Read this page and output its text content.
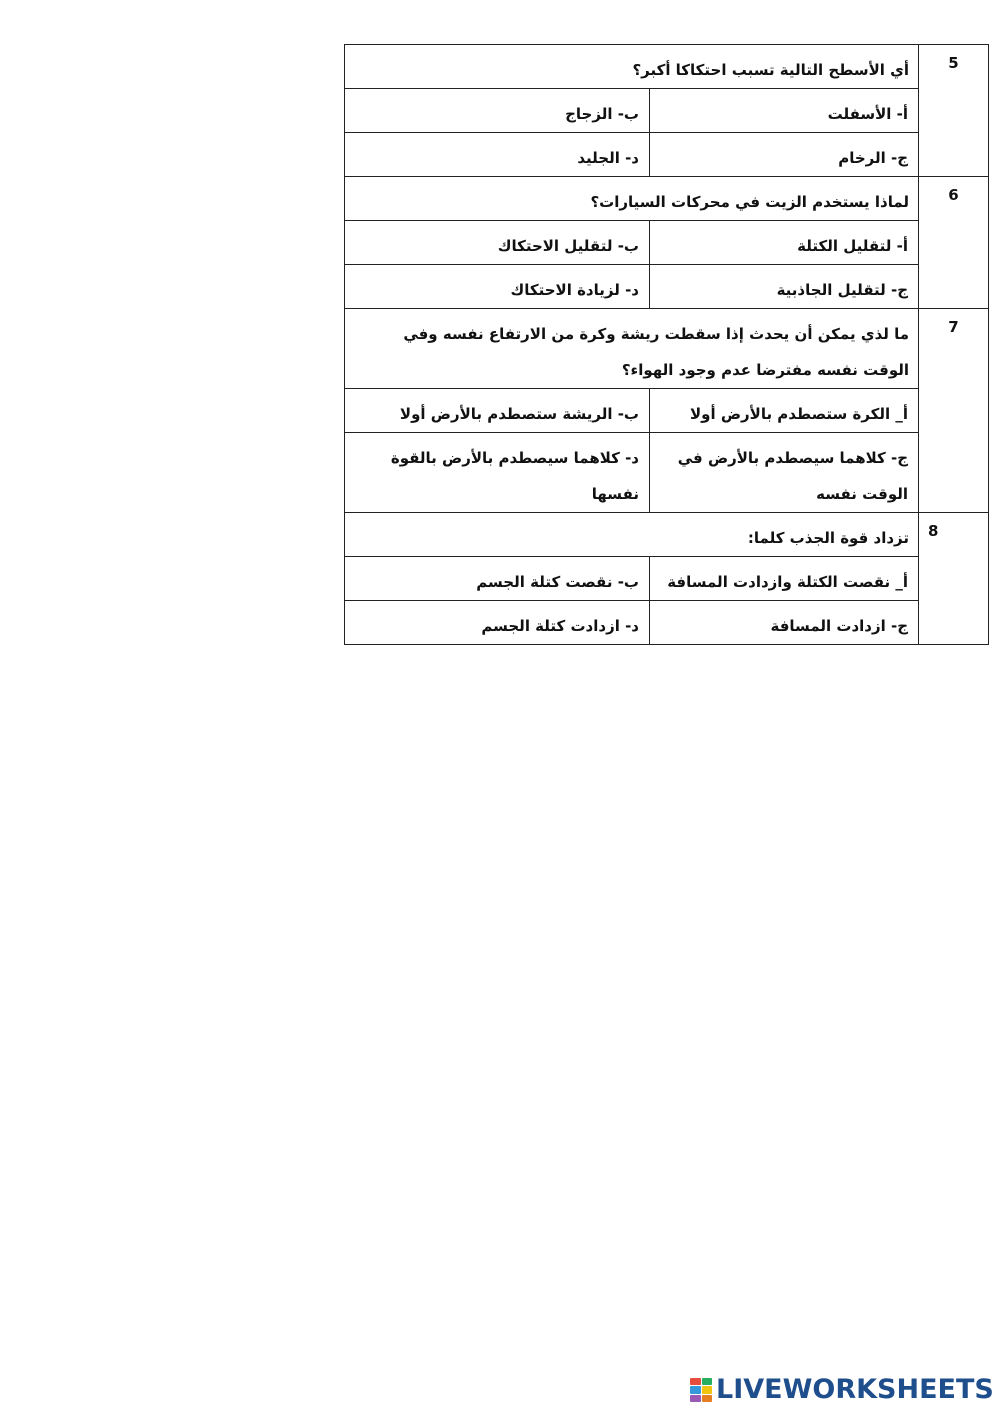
أي الأسطح التالية تسبب احتكاكا أكبر؟		5
ب- الزجاج	أ- الأسفلت	
د- الجليد	ج- الرخام	
لماذا يستخدم الزيت في محركات السيارات؟		6
ب- لتقليل الاحتكاك	أ- لتقليل الكتلة	
د- لزيادة الاحتكاك	ج- لتقليل الجاذبية	
ما لذي يمكن أن يحدث إذا سقطت ريشة وكرة من الارتفاع نفسه وفي الوقت نفسه مفترضا عدم وجود الهواء؟		7
ب- الريشة ستصطدم بالأرض أولا	أ_ الكرة ستصطدم بالأرض أولا	
د- كلاهما سيصطدم بالأرض بالقوة نفسها	ج- كلاهما سيصطدم بالأرض في الوقت نفسه	
تزداد قوة الجذب كلما:		8
ب- نقصت كتلة الجسم	أ_ نقصت الكتلة وازدادت المسافة	
د- ازدادت كتلة الجسم	ج- ازدادت المسافة	
LIVEWORKSHEETS
